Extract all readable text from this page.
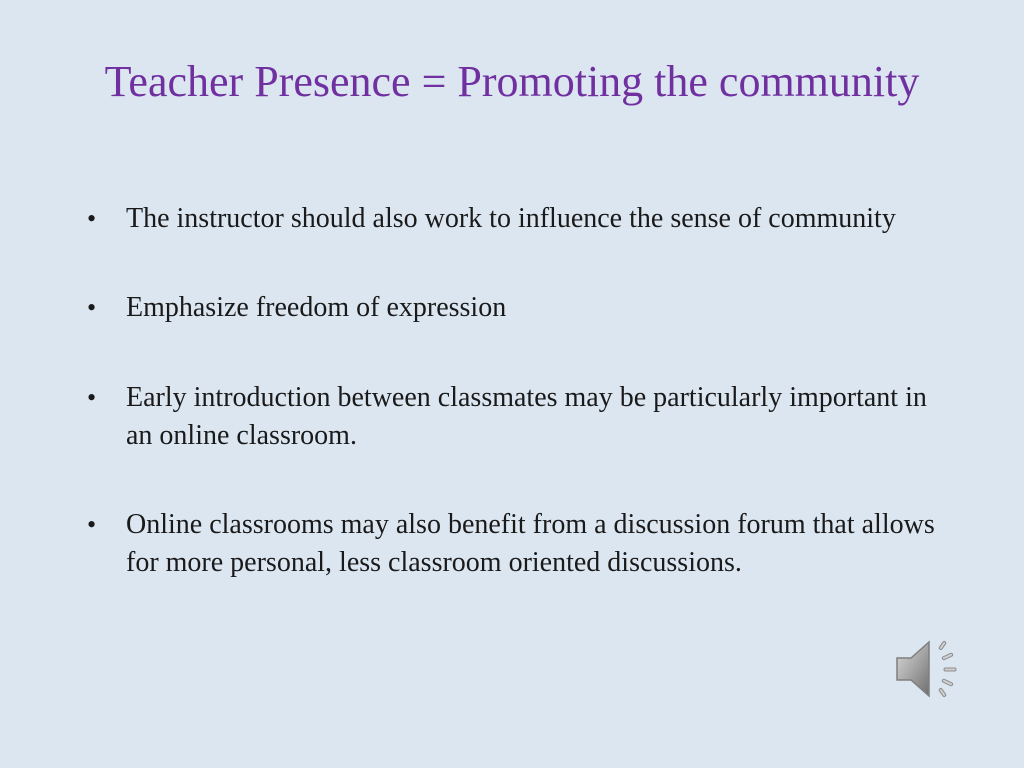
Teacher Presence = Promoting the community
• The instructor should also work to influence the sense of community
• Emphasize freedom of expression
• Early introduction between classmates may be particularly important in an online classroom.
• Online classrooms may also benefit from a discussion forum that allows for more personal, less classroom oriented discussions.
